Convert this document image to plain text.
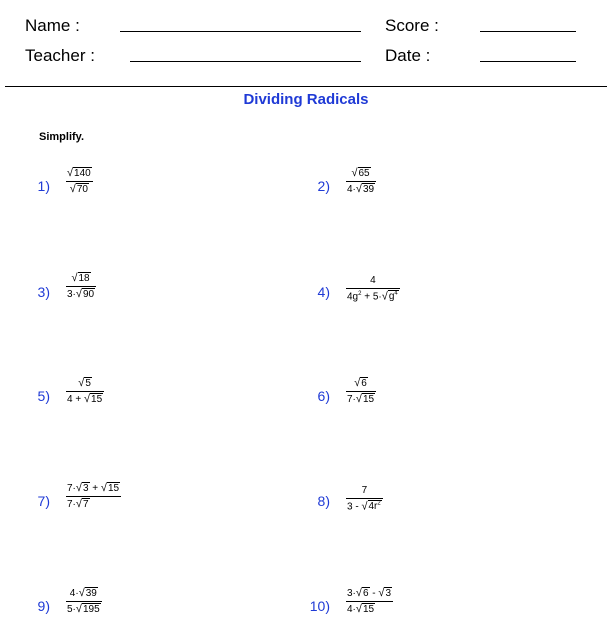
Name :	Score :
Teacher :	Date :
Dividing Radicals
Simplify.
$1) \frac{√140}{√70}$	$2) \frac{√65}{4\cdot√39}$
$3) \frac{√18}{3\cdot√90}$	$4) \frac{4}{4g^2 + 5\cdot√g^4}$
$5) \frac{√5}{4 + √15}$	$6) \frac{√6}{7\cdot√15}$
$7) \frac{7\cdot√3 + √15}{7\cdot√7}$	$8) \frac{7}{3 - √4r^2}$
$9) \frac{4\cdot√39}{5\cdot√195}$	$10) \frac{3\cdot√6 - √3}{4\cdot√15}$
